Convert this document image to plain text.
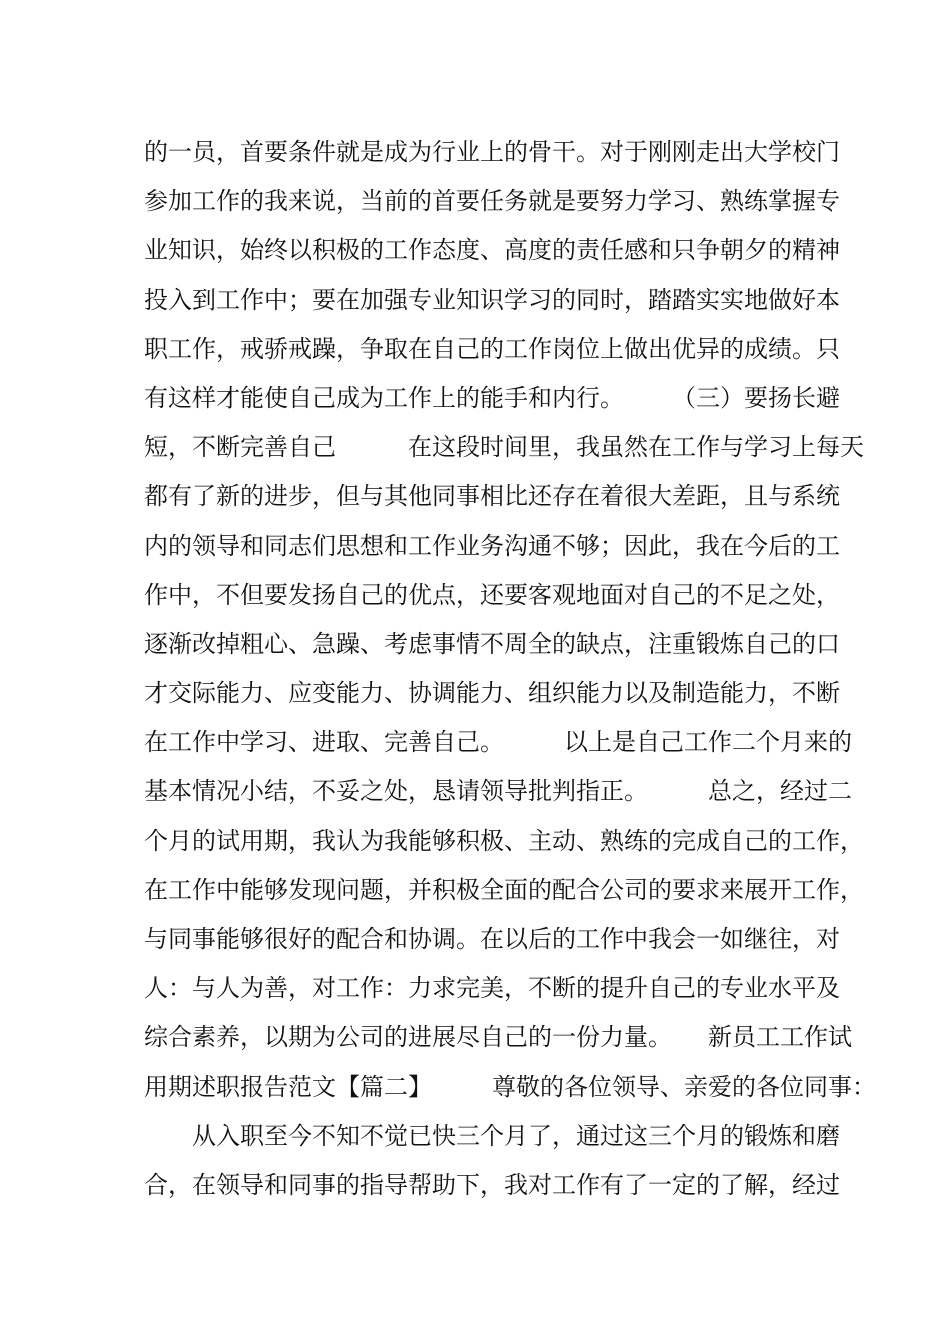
的一员，首要条件就是成为行业上的骨干。对于刚刚走出大学校门
参加工作的我来说，当前的首要任务就是要努力学习、熟练掌握专
业知识，始终以积极的工作态度、高度的责任感和只争朝夕的精神
投入到工作中；要在加强专业知识学习的同时，踏踏实实地做好本
职工作，戒骄戒躁，争取在自己的工作岗位上做出优异的成绩。只
有这样才能使自己成为工作上的能手和内行。　　　（三）要扬长避
短，不断完善自己　　　在这段时间里，我虽然在工作与学习上每天
都有了新的进步，但与其他同事相比还存在着很大差距，且与系统
内的领导和同志们思想和工作业务沟通不够；因此，我在今后的工
作中，不但要发扬自己的优点，还要客观地面对自己的不足之处，
逐渐改掉粗心、急躁、考虑事情不周全的缺点，注重锻炼自己的口
才交际能力、应变能力、协调能力、组织能力以及制造能力，不断
在工作中学习、进取、完善自己。　　　以上是自己工作二个月来的
基本情况小结，不妥之处，恳请领导批判指正。　　　总之，经过二
个月的试用期，我认为我能够积极、主动、熟练的完成自己的工作，
在工作中能够发现问题，并积极全面的配合公司的要求来展开工作，
与同事能够很好的配合和协调。在以后的工作中我会一如继往，对
人：与人为善，对工作：力求完美，不断的提升自己的专业水平及
综合素养，以期为公司的进展尽自己的一份力量。　　新员工工作试
用期述职报告范文【篇二】　　　尊敬的各位领导、亲爱的各位同事：
　　从入职至今不知不觉已快三个月了，通过这三个月的锻炼和磨
合，在领导和同事的指导帮助下，我对工作有了一定的了解，经过
